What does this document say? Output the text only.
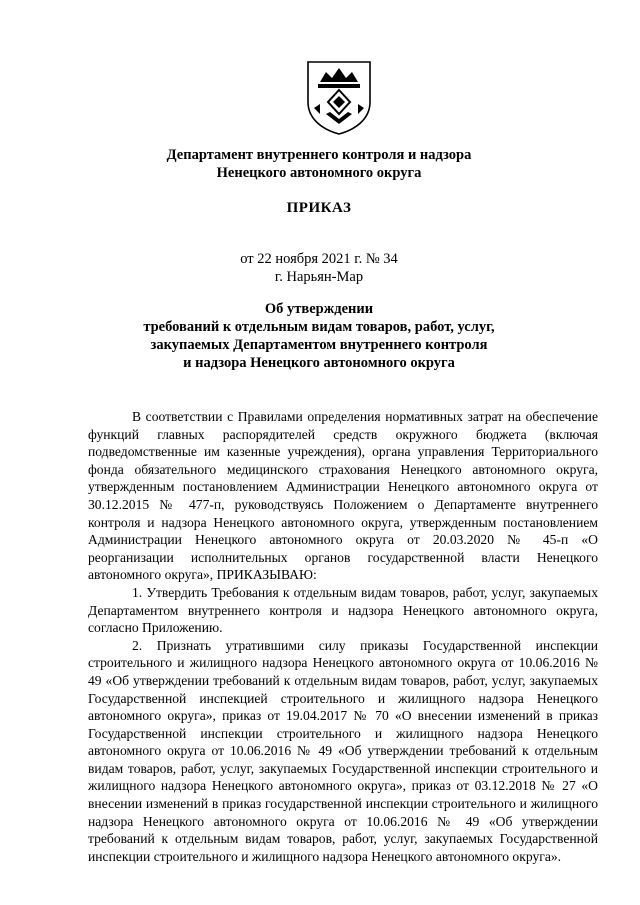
Департамент внутреннего контроля и надзора
Ненецкого автономного округа
ПРИКАЗ
от 22 ноября 2021 г. № 34
г. Нарьян-Мар
Об утверждении
требований к отдельным видам товаров, работ, услуг,
закупаемых Департаментом внутреннего контроля
и надзора Ненецкого автономного округа

В соответствии с Правилами определения нормативных затрат на обеспечение функций главных распорядителей средств окружного бюджета (включая подведомственные им казенные учреждения), органа управления Территориального фонда обязательного медицинского страхования Ненецкого автономного округа, утвержденным постановлением Администрации Ненецкого автономного округа от 30.12.2015 № 477-п, руководствуясь Положением о Департаменте внутреннего контроля и надзора Ненецкого автономного округа, утвержденным постановлением Администрации Ненецкого автономного округа от 20.03.2020 № 45-п «О реорганизации исполнительных органов государственной власти Ненецкого автономного округа», ПРИКАЗЫВАЮ:

1. Утвердить Требования к отдельным видам товаров, работ, услуг, закупаемых Департаментом внутреннего контроля и надзора Ненецкого автономного округа, согласно Приложению.

2. Признать утратившими силу приказы Государственной инспекции строительного и жилищного надзора Ненецкого автономного округа от 10.06.2016 № 49 «Об утверждении требований к отдельным видам товаров, работ, услуг, закупаемых Государственной инспекцией строительного и жилищного надзора Ненецкого автономного округа», приказ от 19.04.2017 № 70 «О внесении изменений в приказ Государственной инспекции строительного и жилищного надзора Ненецкого автономного округа от 10.06.2016 № 49 «Об утверждении требований к отдельным видам товаров, работ, услуг, закупаемых Государственной инспекции строительного и жилищного надзора Ненецкого автономного округа», приказ от 03.12.2018 № 27 «О внесении изменений в приказ государственной инспекции строительного и жилищного надзора Ненецкого автономного округа от 10.06.2016 № 49 «Об утверждении требований к отдельным видам товаров, работ, услуг, закупаемых Государственной инспекции строительного и жилищного надзора Ненецкого автономного округа».
